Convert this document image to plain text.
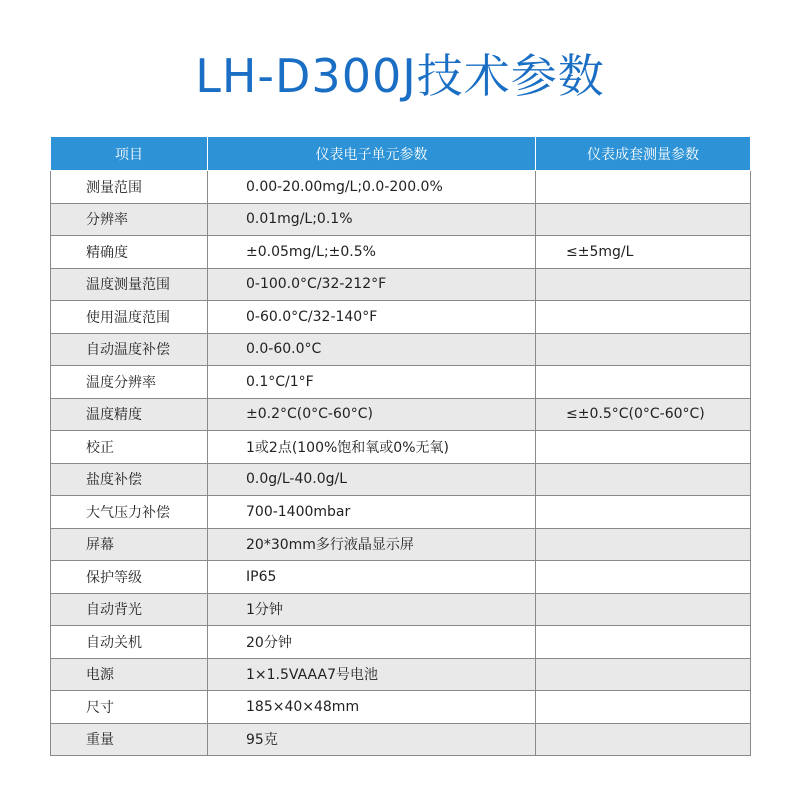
LH-D300J技术参数
项目	仪表电子单元参数	仪表成套测量参数
测量范围	0.00-20.00mg/L;0.0-200.0%	
分辨率	0.01mg/L;0.1%	
精确度	±0.05mg/L;±0.5%	≤±5mg/L
温度测量范围	0-100.0°C/32-212°F	
使用温度范围	0-60.0°C/32-140°F	
自动温度补偿	0.0-60.0°C	
温度分辨率	0.1°C/1°F	
温度精度	±0.2°C(0°C-60°C)	≤±0.5°C(0°C-60°C)
校正	1或2点(100%饱和氧或0%无氧)	
盐度补偿	0.0g/L-40.0g/L	
大气压力补偿	700-1400mbar	
屏幕	20*30mm多行液晶显示屏	
保护等级	IP65	
自动背光	1分钟	
自动关机	20分钟	
电源	1×1.5VAAA7号电池	
尺寸	185×40×48mm	
重量	95克	
